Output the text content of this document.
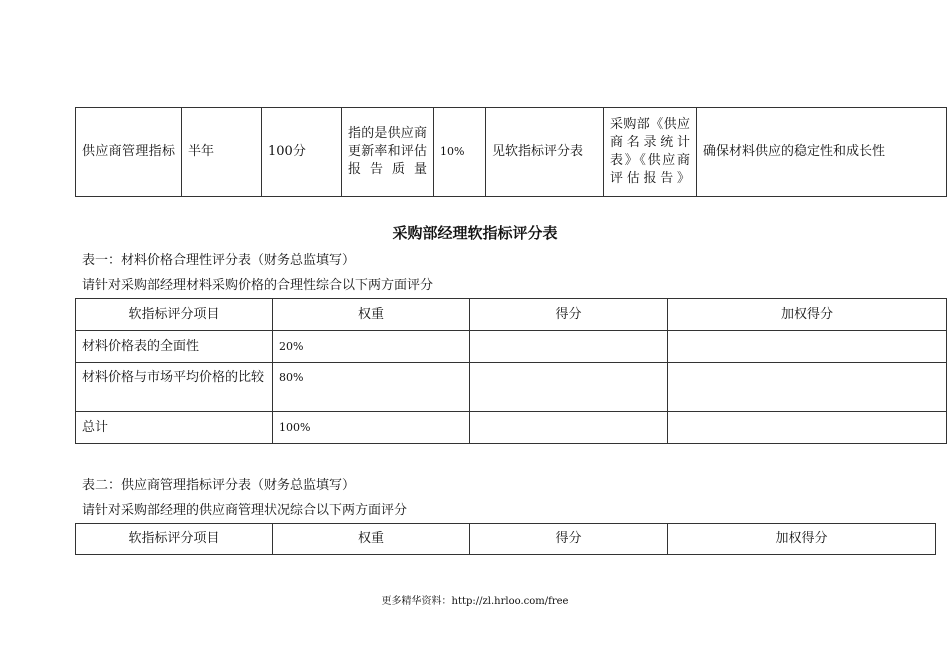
供应商管理指标	半年	100分	指的是供应商更新率和评估报告质量	10%	见软指标评分表	采购部《供应商名录统计表》《供应商评估报告》	确保材料供应的稳定性和成长性
采购部经理软指标评分表
表一：材料价格合理性评分表（财务总监填写）
请针对采购部经理材料采购价格的合理性综合以下两方面评分
软指标评分项目	权重	得分	加权得分
材料价格表的全面性	20%		
材料价格与市场平均价格的比较	80%		
总计	100%		
表二：供应商管理指标评分表（财务总监填写）
请针对采购部经理的供应商管理状况综合以下两方面评分
软指标评分项目	权重	得分	加权得分
更多精华资料：http://zl.hrloo.com/free
